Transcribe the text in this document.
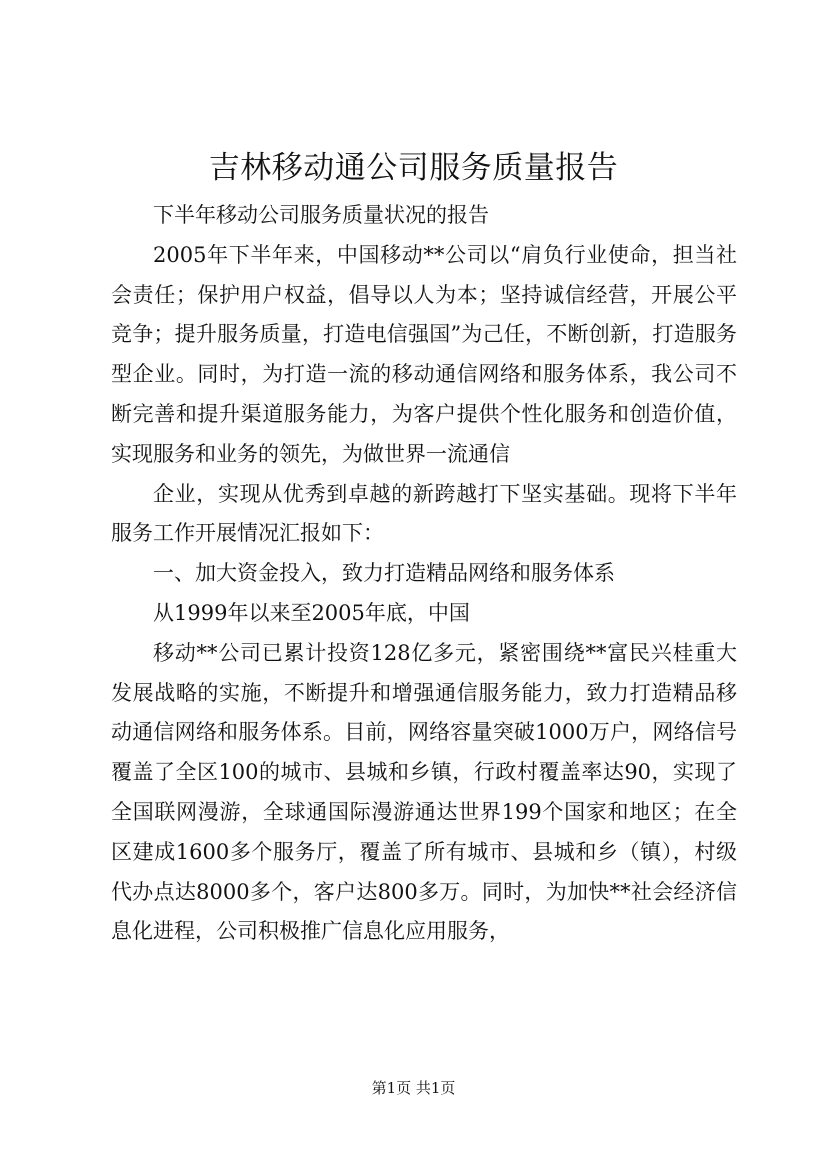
吉林移动通公司服务质量报告

下半年移动公司服务质量状况的报告

2005年下半年来，中国移动**公司以“肩负行业使命，担当社会责任；保护用户权益，倡导以人为本；坚持诚信经营，开展公平竞争；提升服务质量，打造电信强国”为己任，不断创新，打造服务型企业。同时，为打造一流的移动通信网络和服务体系，我公司不断完善和提升渠道服务能力，为客户提供个性化服务和创造价值，实现服务和业务的领先，为做世界一流通信

企业，实现从优秀到卓越的新跨越打下坚实基础。现将下半年服务工作开展情况汇报如下：

一、加大资金投入，致力打造精品网络和服务体系

从1999年以来至2005年底，中国

移动**公司已累计投资128亿多元，紧密围绕**富民兴桂重大发展战略的实施，不断提升和增强通信服务能力，致力打造精品移动通信网络和服务体系。目前，网络容量突破1000万户，网络信号覆盖了全区100的城市、县城和乡镇，行政村覆盖率达90，实现了全国联网漫游，全球通国际漫游通达世界199个国家和地区；在全区建成1600多个服务厅，覆盖了所有城市、县城和乡（镇），村级代办点达8000多个，客户达800多万。同时，为加快**社会经济信息化进程，公司积极推广信息化应用服务，

第1页 共1页
